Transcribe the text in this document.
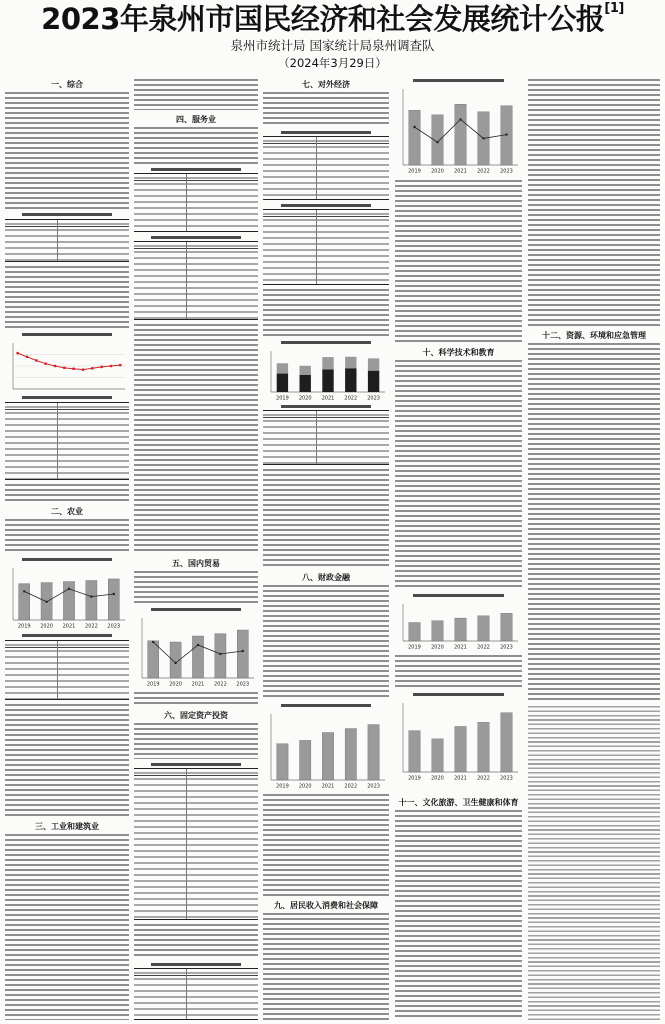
2023年泉州市国民经济和社会发展统计公报[1]
泉州市统计局 国家统计局泉州调查队
（2024年3月29日）
一、综合
二、农业
2019 2020 2021 2022 2023
三、工业和建筑业
四、服务业
五、国内贸易
2019 2020 2021 2022 2023
六、固定资产投资
七、对外经济
2019 2020 2021 2022 2023
八、财政金融
2019 2020 2021 2022 2023
九、居民收入消费和社会保障
2019 2020 2021 2022 2023
十、科学技术和教育
2019 2020 2021 2022 2023
2019 2020 2021 2022 2023
十一、文化旅游、卫生健康和体育
十二、资源、环境和应急管理
